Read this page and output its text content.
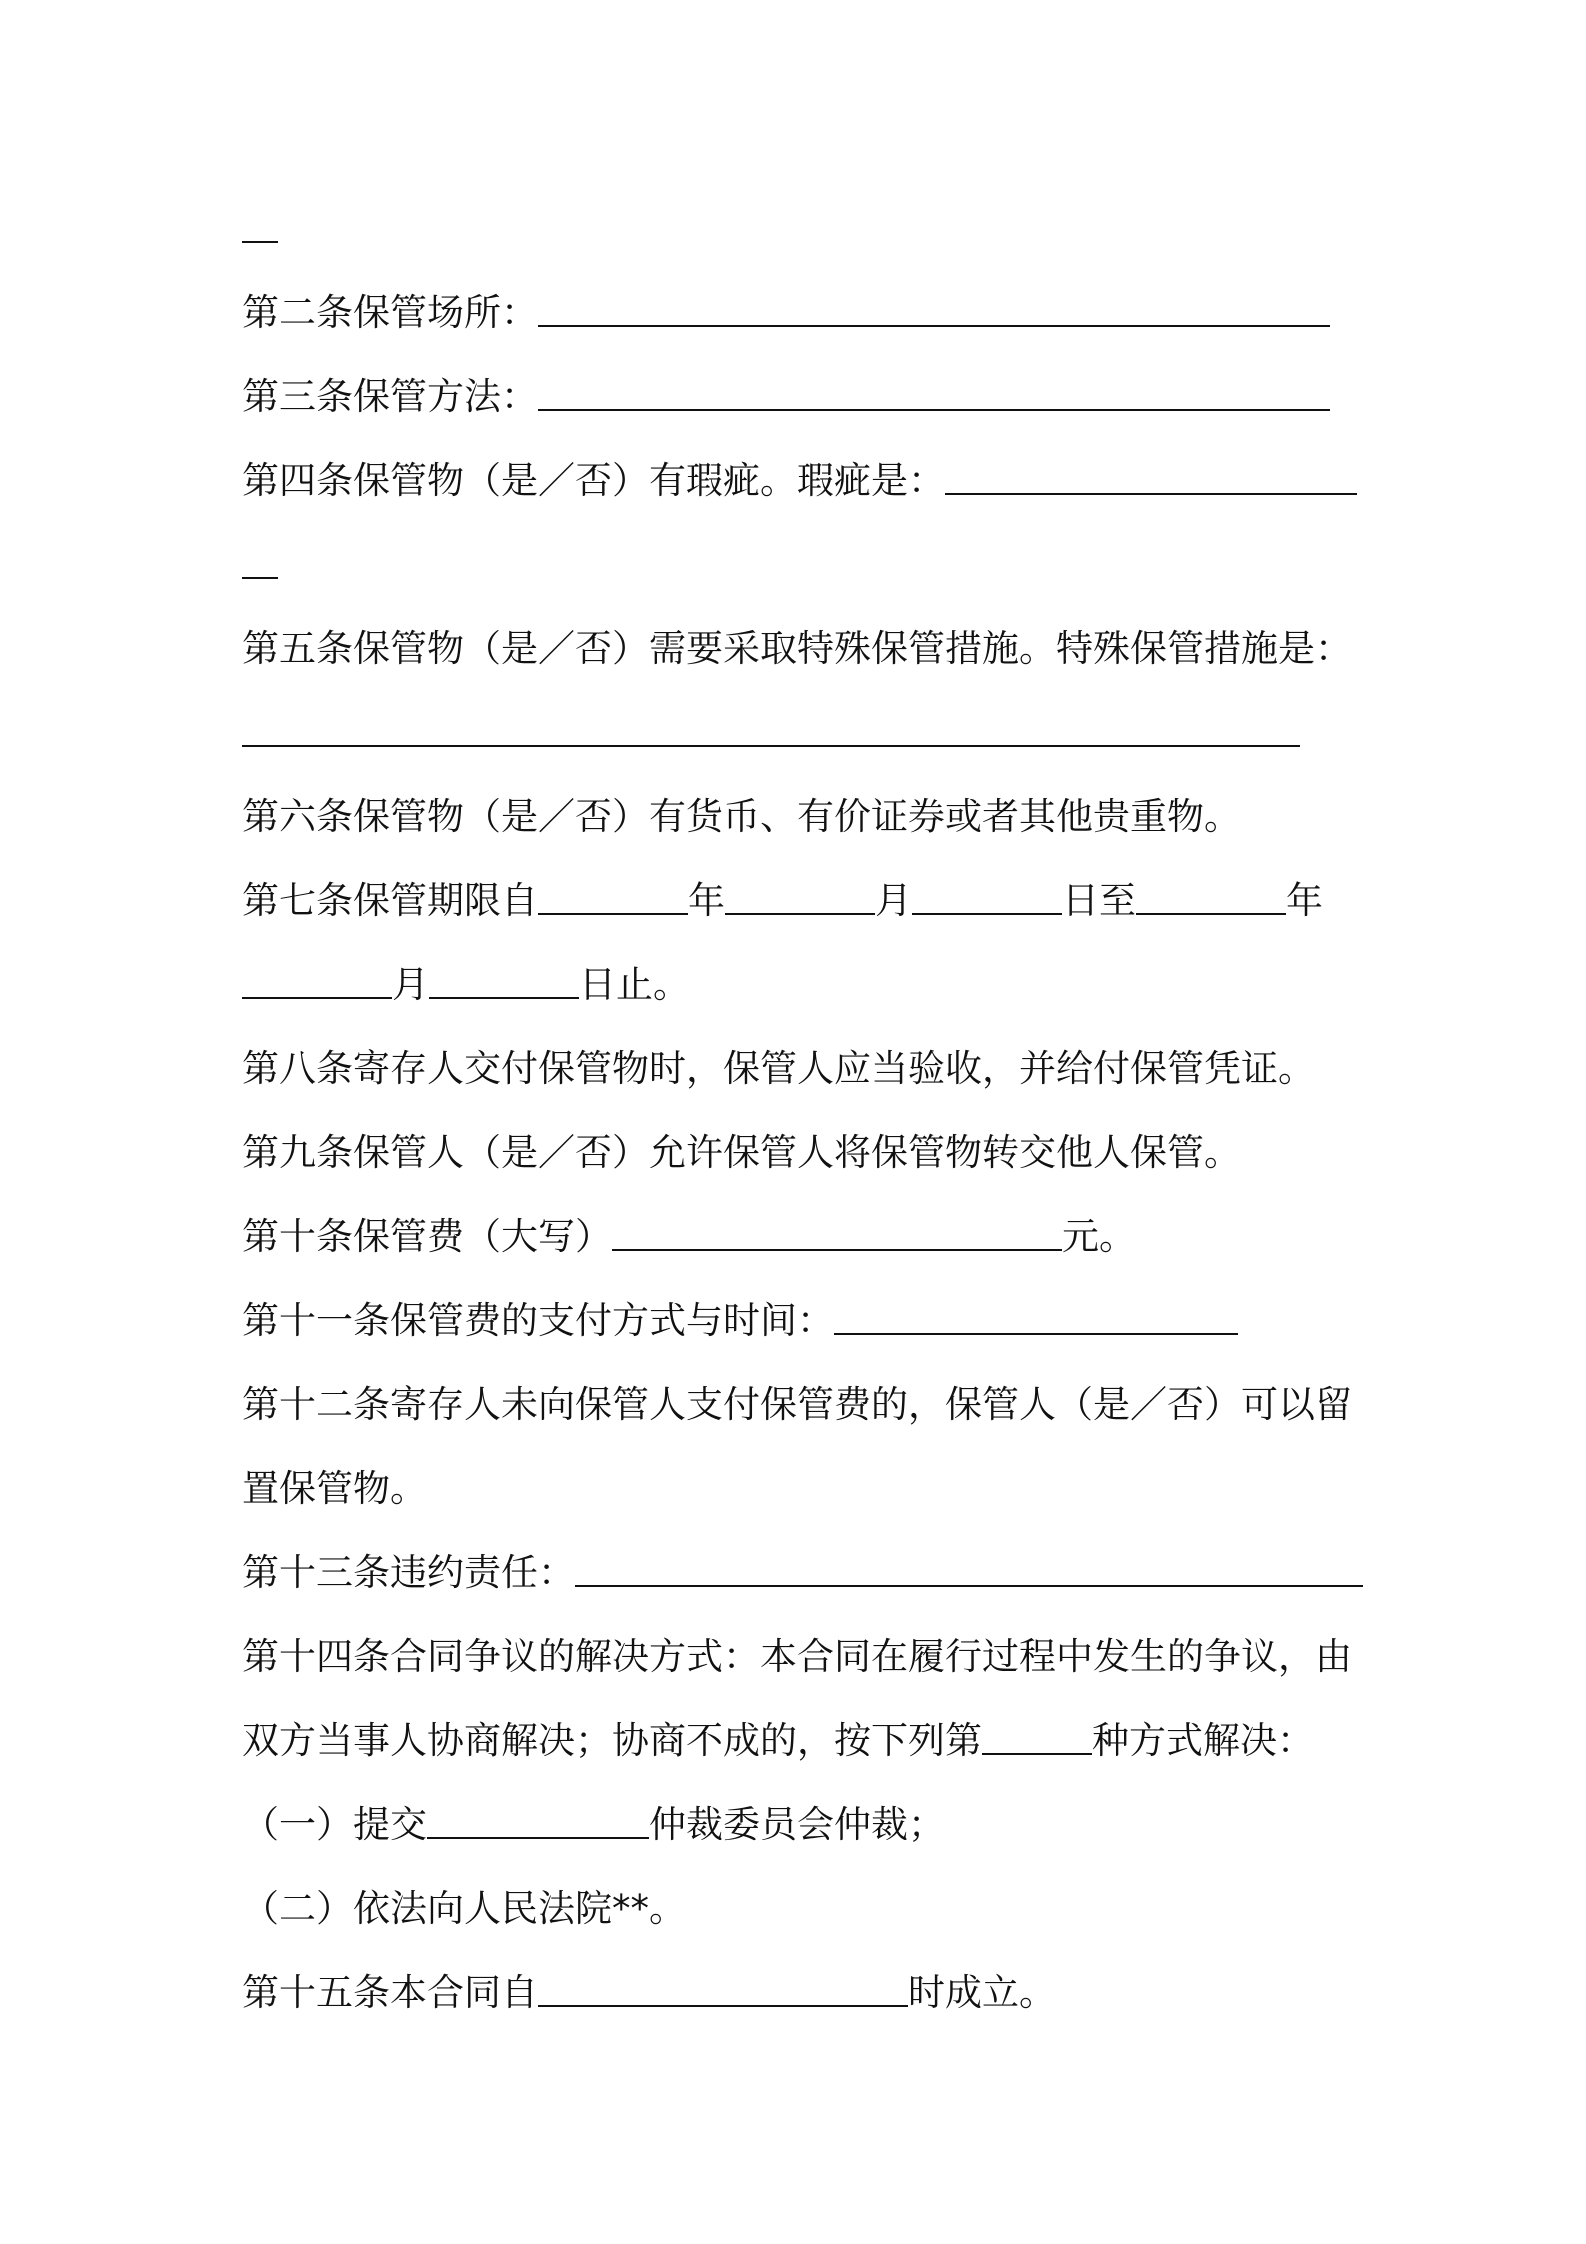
第二条保管场所：
第三条保管方法：
第四条保管物（是／否）有瑕疵。瑕疵是：
第五条保管物（是／否）需要采取特殊保管措施。特殊保管措施是：
第六条保管物（是／否）有货币、有价证券或者其他贵重物。
第七条保管期限自	年	月	日至	年
月	日止。
第八条寄存人交付保管物时，保管人应当验收，并给付保管凭证。
第九条保管人（是／否）允许保管人将保管物转交他人保管。
第十条保管费（大写）	元。
第十一条保管费的支付方式与时间：
第十二条寄存人未向保管人支付保管费的，保管人（是／否）可以留
置保管物。
第十三条违约责任：
第十四条合同争议的解决方式：本合同在履行过程中发生的争议，由
双方当事人协商解决；协商不成的，按下列第	种方式解决：
（一）提交	仲裁委员会仲裁；
（二）依法向人民法院**。
第十五条本合同自	时成立。
